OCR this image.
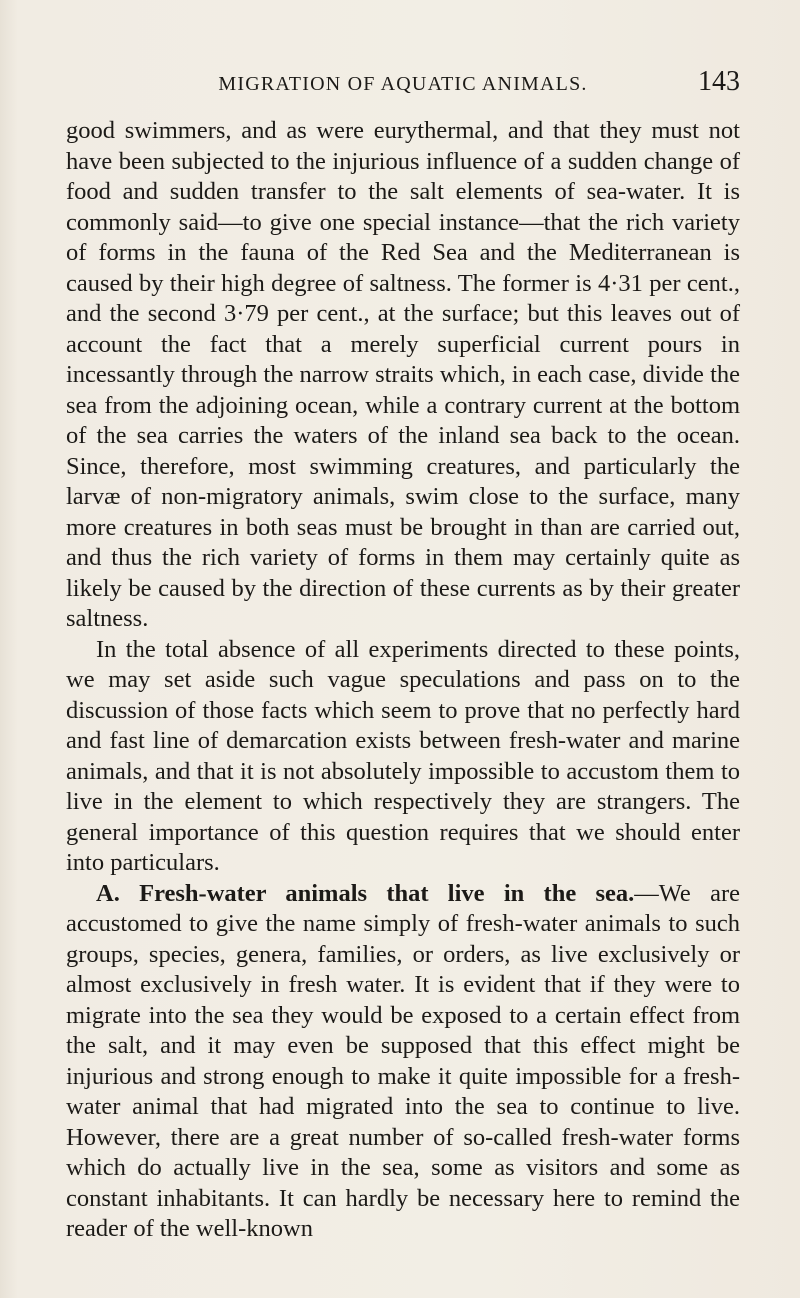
MIGRATION OF AQUATIC ANIMALS.	143

good swimmers, and as were eurythermal, and that they must not have been subjected to the injurious influence of a sudden change of food and sudden transfer to the salt elements of sea-water. It is commonly said—to give one special instance—that the rich variety of forms in the fauna of the Red Sea and the Mediterranean is caused by their high degree of saltness. The former is 4·31 per cent., and the second 3·79 per cent., at the surface; but this leaves out of account the fact that a merely superficial current pours in incessantly through the narrow straits which, in each case, divide the sea from the adjoining ocean, while a contrary current at the bottom of the sea carries the waters of the inland sea back to the ocean. Since, therefore, most swimming creatures, and particularly the larvæ of non-migratory animals, swim close to the surface, many more creatures in both seas must be brought in than are carried out, and thus the rich variety of forms in them may certainly quite as likely be caused by the direction of these currents as by their greater saltness.

In the total absence of all experiments directed to these points, we may set aside such vague speculations and pass on to the discussion of those facts which seem to prove that no perfectly hard and fast line of demarcation exists between fresh-water and marine animals, and that it is not absolutely impossible to accustom them to live in the element to which respectively they are strangers. The general importance of this question requires that we should enter into particulars.

A. Fresh-water animals that live in the sea.—We are accustomed to give the name simply of fresh-water animals to such groups, species, genera, families, or orders, as live exclusively or almost exclusively in fresh water. It is evident that if they were to migrate into the sea they would be exposed to a certain effect from the salt, and it may even be supposed that this effect might be injurious and strong enough to make it quite impossible for a fresh-water animal that had migrated into the sea to continue to live. However, there are a great number of so-called fresh-water forms which do actually live in the sea, some as visitors and some as constant inhabitants. It can hardly be necessary here to remind the reader of the well-known
